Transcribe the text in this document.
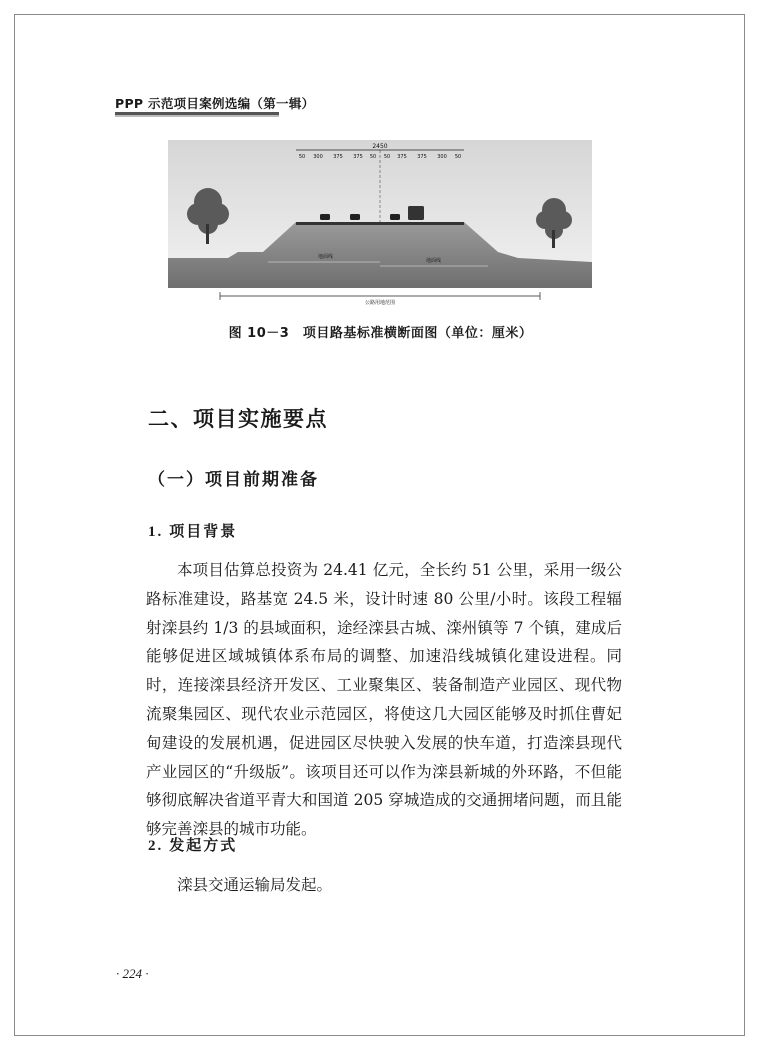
PPP 示范项目案例选编（第一辑）
2450
50 300 375 375 50 50 375 375 300 50
地面线
地面线
公路用地范围
图 10－3　项目路基标准横断面图（单位：厘米）
二、项目实施要点
（一）项目前期准备
1. 项目背景

本项目估算总投资为 24.41 亿元，全长约 51 公里，采用一级公路标准建设，路基宽 24.5 米，设计时速 80 公里/小时。该段工程辐射滦县约 1/3 的县域面积，途经滦县古城、滦州镇等 7 个镇，建成后能够促进区域城镇体系布局的调整、加速沿线城镇化建设进程。同时，连接滦县经济开发区、工业聚集区、装备制造产业园区、现代物流聚集园区、现代农业示范园区，将使这几大园区能够及时抓住曹妃甸建设的发展机遇，促进园区尽快驶入发展的快车道，打造滦县现代产业园区的“升级版”。该项目还可以作为滦县新城的外环路，不但能够彻底解决省道平青大和国道 205 穿城造成的交通拥堵问题，而且能够完善滦县的城市功能。

2. 发起方式

滦县交通运输局发起。

· 224 ·
